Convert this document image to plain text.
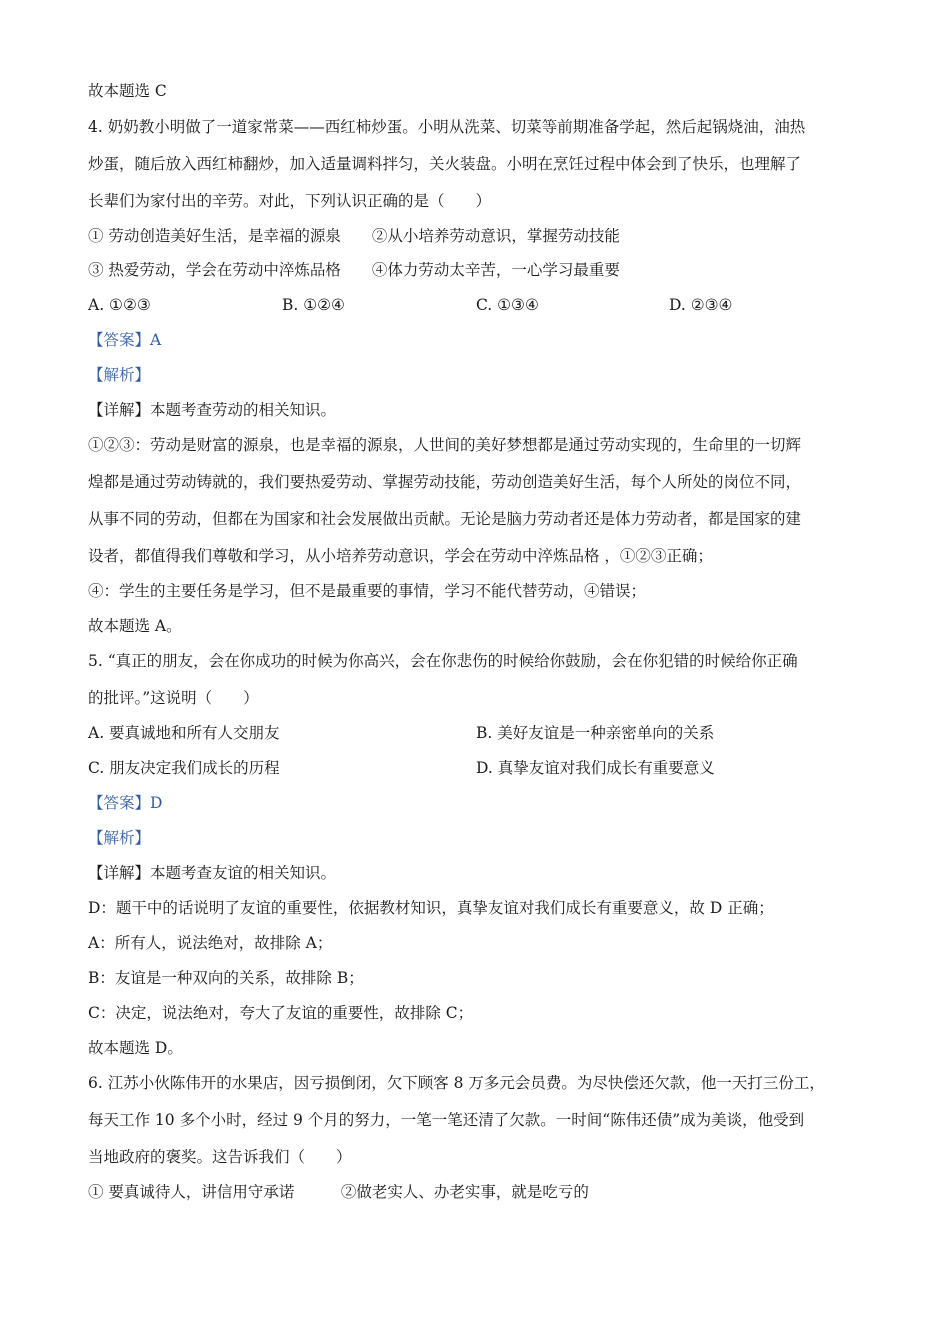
故本题选 C
4. 奶奶教小明做了一道家常菜——西红柿炒蛋。小明从洗菜、切菜等前期准备学起，然后起锅烧油，油热
炒蛋，随后放入西红柿翻炒，加入适量调料拌匀，关火装盘。小明在烹饪过程中体会到了快乐，也理解了
长辈们为家付出的辛劳。对此，下列认识正确的是（　　）
① 劳动创造美好生活，是幸福的源泉　　②从小培养劳动意识，掌握劳动技能
③ 热爱劳动，学会在劳动中淬炼品格　　④体力劳动太辛苦，一心学习最重要
A. ①②③	B. ①②④	C. ①③④	D. ②③④
【答案】A
【解析】
【详解】本题考查劳动的相关知识。
①②③：劳动是财富的源泉，也是幸福的源泉，人世间的美好梦想都是通过劳动实现的，生命里的一切辉
煌都是通过劳动铸就的，我们要热爱劳动、掌握劳动技能，劳动创造美好生活，每个人所处的岗位不同，
从事不同的劳动，但都在为国家和社会发展做出贡献。无论是脑力劳动者还是体力劳动者，都是国家的建
设者，都值得我们尊敬和学习，从小培养劳动意识，学会在劳动中淬炼品格 ，①②③正确；
④：学生的主要任务是学习，但不是最重要的事情，学习不能代替劳动，④错误；
故本题选 A。
5. “真正的朋友，会在你成功的时候为你高兴，会在你悲伤的时候给你鼓励，会在你犯错的时候给你正确
的批评。”这说明（　　）
A. 要真诚地和所有人交朋友	B. 美好友谊是一种亲密单向的关系
C. 朋友决定我们成长的历程	D. 真挚友谊对我们成长有重要意义
【答案】D
【解析】
【详解】本题考查友谊的相关知识。
D：题干中的话说明了友谊的重要性，依据教材知识，真挚友谊对我们成长有重要意义，故 D 正确；
A：所有人，说法绝对，故排除 A；
B：友谊是一种双向的关系，故排除 B；
C：决定，说法绝对，夸大了友谊的重要性，故排除 C；
故本题选 D。
6. 江苏小伙陈伟开的水果店，因亏损倒闭，欠下顾客 8 万多元会员费。为尽快偿还欠款，他一天打三份工，
每天工作 10 多个小时，经过 9 个月的努力，一笔一笔还清了欠款。一时间“陈伟还债”成为美谈，他受到
当地政府的褒奖。这告诉我们（　　）
① 要真诚待人，讲信用守承诺　　　②做老实人、办老实事，就是吃亏的
